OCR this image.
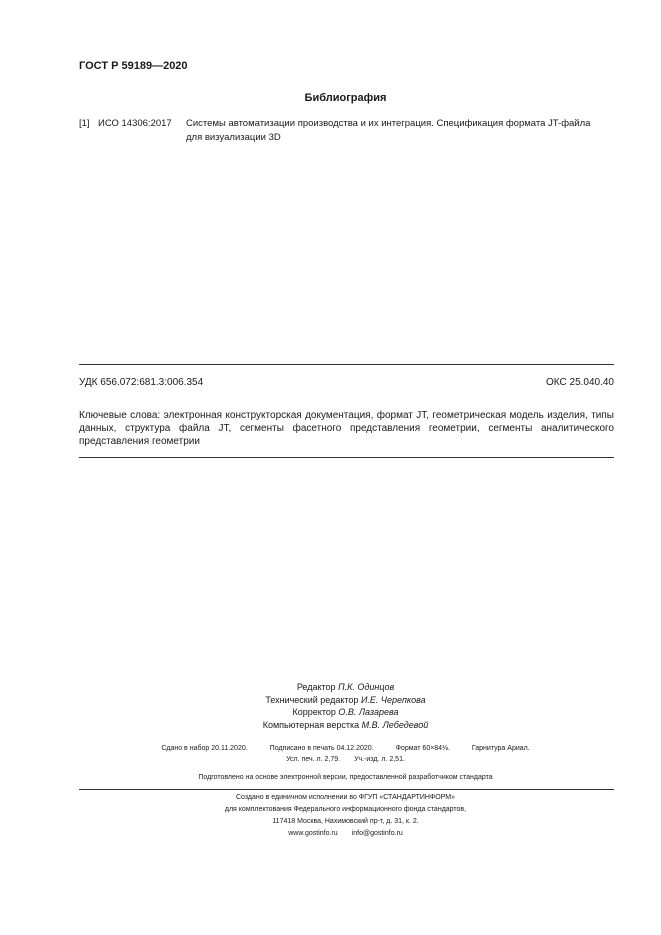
ГОСТ Р 59189—2020
Библиография
[1] ИСО 14306:2017 Системы автоматизации производства и их интеграция. Спецификация формата JT-файла
для визуализации 3D
УДК 656.072:681.3:006.354	ОКС 25.040.40
Ключевые слова: электронная конструкторская документация, формат JT, геометрическая модель изделия, типы данных, структура файла JT, сегменты фасетного представления геометрии, сегменты аналитического представления геометрии
Редактор П.К. Одинцов
Технический редактор И.Е. Черепкова
Корректор О.В. Лазарева
Компьютерная верстка М.В. Лебедевой
Сдано в набор 20.11.2020.	Подписано в печать 04.12.2020.	Формат 60×84⅛.	Гарнитура Ариал.
Усл. печ. л. 2,79. Уч.-изд. л. 2,51.
Подготовлено на основе электронной версии, предоставленной разработчиком стандарта
Создано в единичном исполнении во ФГУП «СТАНДАРТИНФОРМ»
для комплектования Федерального информационного фонда стандартов,
117418 Москва, Нахимовский пр-т, д. 31, к. 2.
www.gostinfo.ru info@gostinfo.ru
